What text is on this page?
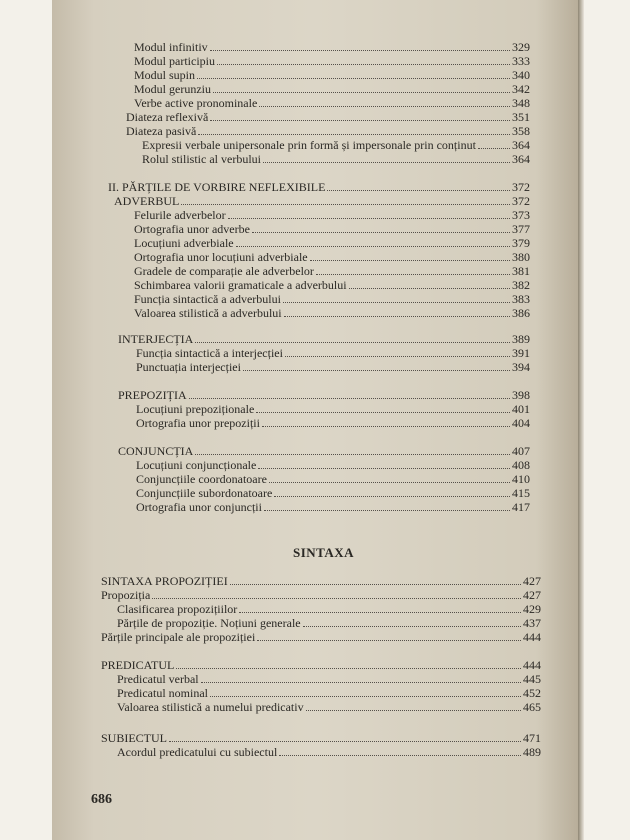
Modul infinitiv	329
Modul participiu	333
Modul supin	340
Modul gerunziu	342
Verbe active pronominale	348
Diateza reflexivă	351
Diateza pasivă	358
Expresii verbale unipersonale prin formă și impersonale prin conținut	364
Rolul stilistic al verbului	364
II. PĂRȚILE DE VORBIRE NEFLEXIBILE	372
ADVERBUL	372
Felurile adverbelor	373
Ortografia unor adverbe	377
Locuțiuni adverbiale	379
Ortografia unor locuțiuni adverbiale	380
Gradele de comparație ale adverbelor	381
Schimbarea valorii gramaticale a adverbului	382
Funcția sintactică a adverbului	383
Valoarea stilistică a adverbului	386
INTERJECȚIA	389
Funcția sintactică a interjecției	391
Punctuația interjecției	394
PREPOZIȚIA	398
Locuțiuni prepoziționale	401
Ortografia unor prepoziții	404
CONJUNCȚIA	407
Locuțiuni conjuncționale	408
Conjuncțiile coordonatoare	410
Conjuncțiile subordonatoare	415
Ortografia unor conjuncții	417
SINTAXA
SINTAXA PROPOZIȚIEI	427
Propoziția	427
Clasificarea propozițiilor	429
Părțile de propoziție. Noțiuni generale	437
Părțile principale ale propoziției	444
PREDICATUL	444
Predicatul verbal	445
Predicatul nominal	452
Valoarea stilistică a numelui predicativ	465
SUBIECTUL	471
Acordul predicatului cu subiectul	489
686
